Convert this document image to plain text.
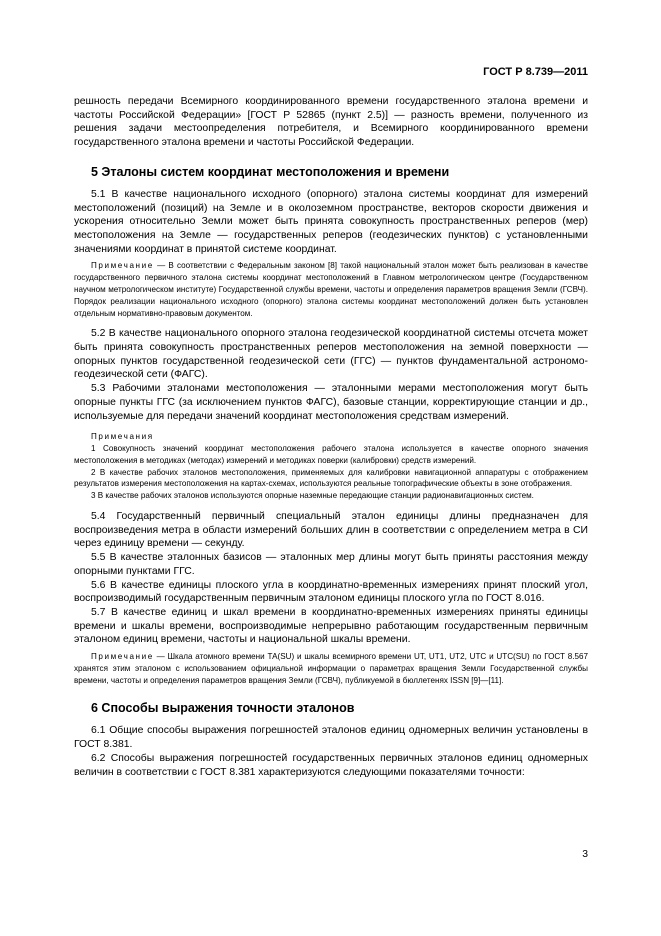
ГОСТ Р 8.739—2011

решность передачи Всемирного координированного времени государственного эталона времени и частоты Российской Федерации» [ГОСТ Р 52865 (пункт 2.5)] — разность времени, полученного из решения задачи местоопределения потребителя, и Всемирного координированного времени государственного эталона времени и частоты Российской Федерации.

5 Эталоны систем координат местоположения и времени

5.1 В качестве национального исходного (опорного) эталона системы координат для измерений местоположений (позиций) на Земле и в околоземном пространстве, векторов скорости движения и ускорения относительно Земли может быть принята совокупность пространственных реперов (мер) местоположения на Земле — государственных реперов (геодезических пунктов) с установленными значениями координат в принятой системе координат.

Примечание — В соответствии с Федеральным законом [8] такой национальный эталон может быть реализован в качестве государственного первичного эталона системы координат местоположений в Главном метрологическом центре (Государственном научном метрологическом институте) Государственной службы времени, частоты и определения параметров вращения Земли (ГСВЧ). Порядок реализации национального исходного (опорного) эталона системы координат местоположений должен быть установлен отдельным нормативно-правовым документом.

5.2 В качестве национального опорного эталона геодезической координатной системы отсчета может быть принята совокупность пространственных реперов местоположения на земной поверхности — опорных пунктов государственной геодезической сети (ГГС) — пунктов фундаментальной астрономо-геодезической сети (ФАГС).

5.3 Рабочими эталонами местоположения — эталонными мерами местоположения могут быть опорные пункты ГГС (за исключением пунктов ФАГС), базовые станции, корректирующие станции и др., используемые для передачи значений координат местоположения средствам измерений.

Примечания

1 Совокупность значений координат местоположения рабочего эталона используется в качестве опорного значения местоположения в методиках (методах) измерений и методиках поверки (калибровки) средств измерений.

2 В качестве рабочих эталонов местоположения, применяемых для калибровки навигационной аппаратуры с отображением результатов измерения местоположения на картах-схемах, используются реальные топографические объекты в зоне отображения.

3 В качестве рабочих эталонов используются опорные наземные передающие станции радионавигационных систем.

5.4 Государственный первичный специальный эталон единицы длины предназначен для воспроизведения метра в области измерений больших длин в соответствии с определением метра в СИ через единицу времени — секунду.

5.5 В качестве эталонных базисов — эталонных мер длины могут быть приняты расстояния между опорными пунктами ГГС.

5.6 В качестве единицы плоского угла в координатно-временных измерениях принят плоский угол, воспроизводимый государственным первичным эталоном единицы плоского угла по ГОСТ 8.016.

5.7 В качестве единиц и шкал времени в координатно-временных измерениях приняты единицы времени и шкалы времени, воспроизводимые непрерывно работающим государственным первичным эталоном единиц времени, частоты и национальной шкалы времени.

Примечание — Шкала атомного времени ТА(SU) и шкалы всемирного времени UT, UT1, UT2, UTC и UTC(SU) по ГОСТ 8.567 хранятся этим эталоном с использованием официальной информации о параметрах вращения Земли Государственной службы времени, частоты и определения параметров вращения Земли (ГСВЧ), публикуемой в бюллетенях ISSN [9]—[11].

6 Способы выражения точности эталонов

6.1 Общие способы выражения погрешностей эталонов единиц одномерных величин установлены в ГОСТ 8.381.

6.2 Способы выражения погрешностей государственных первичных эталонов единиц одномерных величин в соответствии с ГОСТ 8.381 характеризуются следующими показателями точности:

3
